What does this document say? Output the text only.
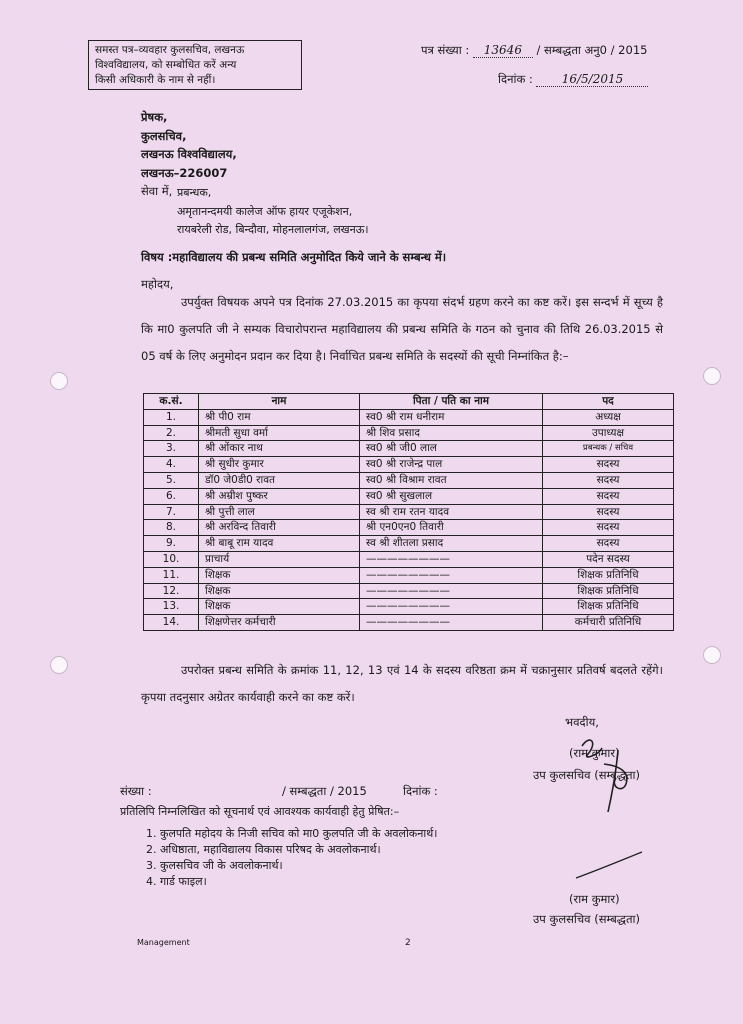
समस्त पत्र–व्यवहार कुलसचिव, लखनऊ
विश्वविद्यालय, को सम्बोधित करें अन्य
किसी अधिकारी के नाम से नहीं।
पत्र संख्या : 13646 / सम्बद्धता अनु0 / 2015
दिनांक : 16/5/2015
प्रेषक,
कुलसचिव,
लखनऊ विश्वविद्यालय,
लखनऊ–226007
सेवा में, प्रबन्धक,
अमृतानन्दमयी कालेज ऑफ हायर एजूकेशन,
रायबरेली रोड, बिन्दौवा, मोहनलालगंज, लखनऊ।
विषय :महाविद्यालय की प्रबन्ध समिति अनुमोदित किये जाने के सम्बन्ध में।
महोदय,
उपर्युक्त विषयक अपने पत्र दिनांक 27.03.2015 का कृपया संदर्भ ग्रहण करने का कष्ट करें। इस सन्दर्भ में सूच्य है कि मा0 कुलपति जी ने सम्यक विचारोपरान्त महाविद्यालय की प्रबन्ध समिति के गठन को चुनाव की तिथि 26.03.2015 से 05 वर्ष के लिए अनुमोदन प्रदान कर दिया है। निर्वाचित प्रबन्ध समिति के सदस्यों की सूची निम्नांकित है:–
क.सं.	नाम	पिता / पति का नाम	पद
1.	श्री पी0 राम	स्व0 श्री राम धनीराम	अध्यक्ष
2.	श्रीमती सुधा वर्मा	श्री शिव प्रसाद	उपाध्यक्ष
3.	श्री ओंकार नाथ	स्व0 श्री जी0 लाल	प्रबन्धक / सचिव
4.	श्री सुधीर कुमार	स्व0 श्री राजेन्द्र पाल	सदस्य
5.	डॉ0 जे0डी0 रावत	स्व0 श्री विश्राम रावत	सदस्य
6.	श्री अम्रीश पुष्कर	स्व0 श्री सुखलाल	सदस्य
7.	श्री पुत्ती लाल	स्व श्री राम रतन यादव	सदस्य
8.	श्री अरविन्द तिवारी	श्री एन0एन0 तिवारी	सदस्य
9.	श्री बाबू राम यादव	स्व श्री शीतला प्रसाद	सदस्य
10.	प्राचार्य	————————	पदेन सदस्य
11.	शिक्षक	————————	शिक्षक प्रतिनिधि
12.	शिक्षक	————————	शिक्षक प्रतिनिधि
13.	शिक्षक	————————	शिक्षक प्रतिनिधि
14.	शिक्षणेत्तर कर्मचारी	————————	कर्मचारी प्रतिनिधि
उपरोक्त प्रबन्ध समिति के क्रमांक 11, 12, 13 एवं 14 के सदस्य वरिष्ठता क्रम में चक्रानुसार प्रतिवर्ष बदलते रहेंगे। कृपया तदनुसार अग्रेतर कार्यवाही करने का कष्ट करें।
भवदीय,
(राम कुमार)
उप कुलसचिव (सम्बद्धता)
संख्या :	/ सम्बद्धता / 2015	दिनांक :
प्रतिलिपि निम्नलिखित को सूचनार्थ एवं आवश्यक कार्यवाही हेतु प्रेषित:–
1. कुलपति महोदय के निजी सचिव को मा0 कुलपति जी के अवलोकनार्थ।
2. अधिष्ठाता, महाविद्यालय विकास परिषद के अवलोकनार्थ।
3. कुलसचिव जी के अवलोकनार्थ।
4. गार्ड फाइल।
(राम कुमार)
उप कुलसचिव (सम्बद्धता)
Management	2
